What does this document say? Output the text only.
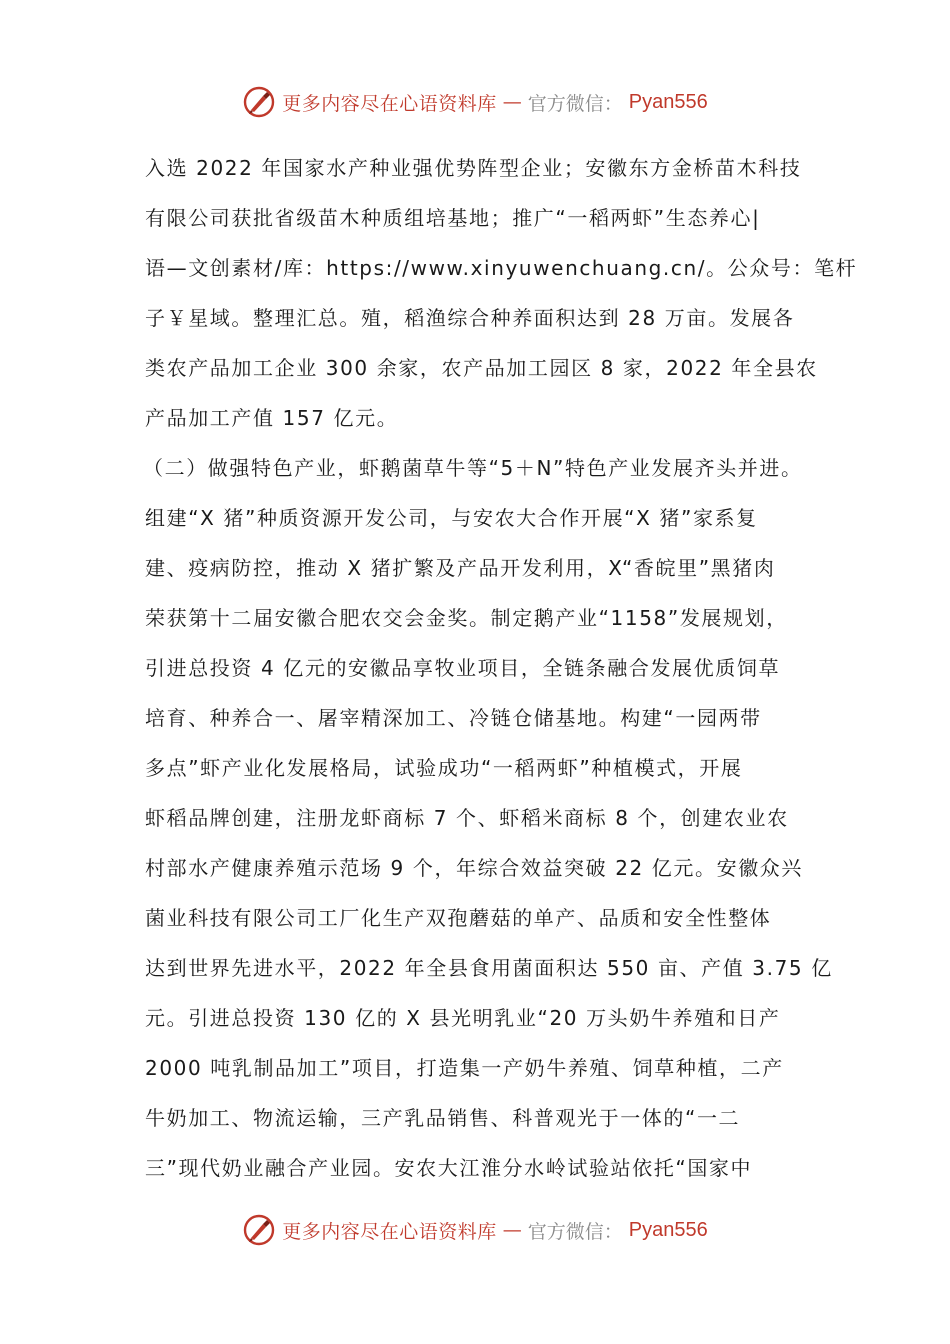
更多内容尽在心语资料库 — 官方微信： Pyan556
入选 2022 年国家水产种业强优势阵型企业；安徽东方金桥苗木科技
有限公司获批省级苗木种质组培基地；推广“一稻两虾”生态养心|
语—文创素材/库：https://www.xinyuwenchuang.cn/。公众号：笔杆
子￥星域。整理汇总。殖，稻渔综合种养面积达到 28 万亩。发展各
类农产品加工企业 300 余家，农产品加工园区 8 家，2022 年全县农
产品加工产值 157 亿元。
（二）做强特色产业，虾鹅菌草牛等“5＋N”特色产业发展齐头并进。
组建“X 猪”种质资源开发公司，与安农大合作开展“X 猪”家系复
建、疫病防控，推动 X 猪扩繁及产品开发利用，X“香皖里”黑猪肉
荣获第十二届安徽合肥农交会金奖。制定鹅产业“1158”发展规划，
引进总投资 4 亿元的安徽品享牧业项目，全链条融合发展优质饲草
培育、种养合一、屠宰精深加工、冷链仓储基地。构建“一园两带
多点”虾产业化发展格局，试验成功“一稻两虾”种植模式，开展
虾稻品牌创建，注册龙虾商标 7 个、虾稻米商标 8 个，创建农业农
村部水产健康养殖示范场 9 个，年综合效益突破 22 亿元。安徽众兴
菌业科技有限公司工厂化生产双孢蘑菇的单产、品质和安全性整体
达到世界先进水平，2022 年全县食用菌面积达 550 亩、产值 3.75 亿
元。引进总投资 130 亿的 X 县光明乳业“20 万头奶牛养殖和日产
2000 吨乳制品加工”项目，打造集一产奶牛养殖、饲草种植，二产
牛奶加工、物流运输，三产乳品销售、科普观光于一体的“一二
三”现代奶业融合产业园。安农大江淮分水岭试验站依托“国家中
更多内容尽在心语资料库 — 官方微信： Pyan556
